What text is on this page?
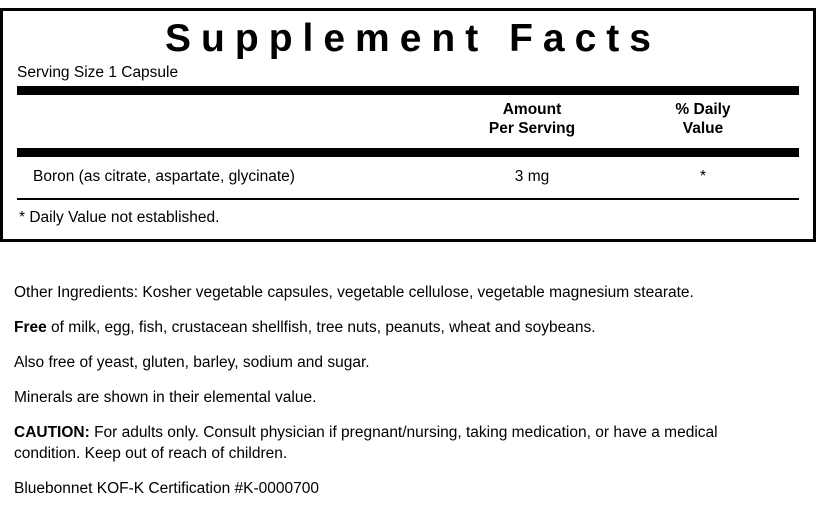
Supplement Facts
Serving Size 1 Capsule
Amount
Per Serving
% Daily
Value
Boron (as citrate, aspartate, glycinate)	3 mg	*
* Daily Value not established.

Other Ingredients: Kosher vegetable capsules, vegetable cellulose, vegetable magnesium stearate.

Free of milk, egg, fish, crustacean shellfish, tree nuts, peanuts, wheat and soybeans.

Also free of yeast, gluten, barley, sodium and sugar.

Minerals are shown in their elemental value.

CAUTION: For adults only. Consult physician if pregnant/nursing, taking medication, or have a medical condition. Keep out of reach of children.

Bluebonnet KOF-K Certification #K-0000700
